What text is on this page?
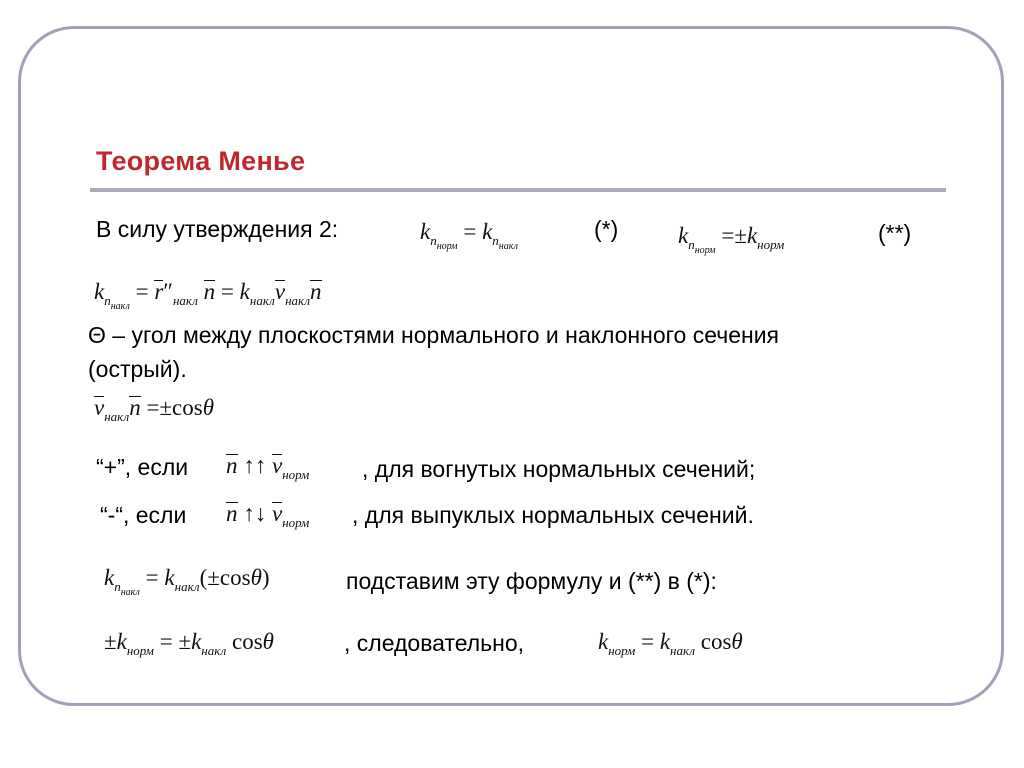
Теорема Менье
В силу утверждения 2:	$k_{n_{норм}} = k_{n_{накл}}$
(*)	$k_{n_{норм}} =\pm k_{норм}$	(**)
$k_{n_{накл}} = r''_{накл}$ $n = k_{накл}\nu_{накл}n$
Θ – угол между плоскостями нормального и наклонного сечения
(острый).
$\nu_{накл}n =\pm\cos\theta$
“+”, если n ↑↑ $\nu_{норм}$ , для вогнутых нормальных сечений;
“-“, если n ↑↓ $\nu_{норм}$ , для выпуклых нормальных сечений.
$k_{n_{накл}} = k_{накл}(\pm\cos\theta)$	подставим эту формулу и (**) в (*):
$\pm k_{норм} = \pm k_{накл}$ cosθ	, следовательно,	$k_{норм} = k_{накл}$ cosθ
